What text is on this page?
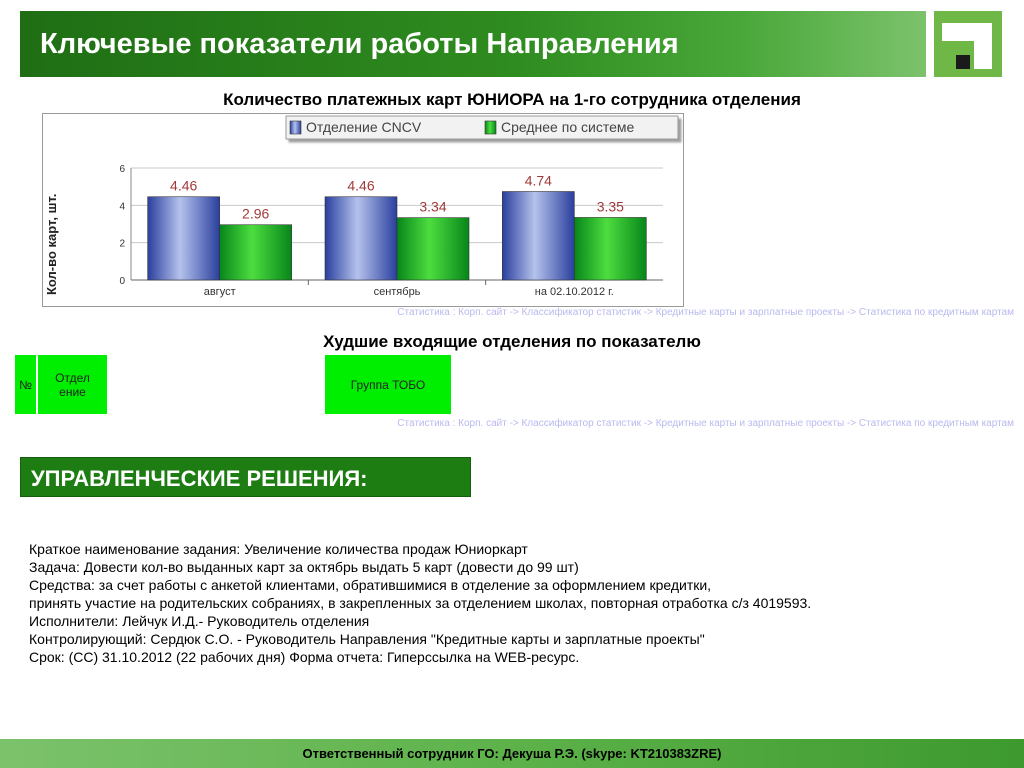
Ключевые показатели работы Направления
Количество платежных карт ЮНИОРА на 1-го сотрудника отделения
0
2
4
6
август	сентябрь	на 02.10.2012 г.
4.46
2.96
4.46
3.34
4.74
3.35
Отделение CNCV	Среднее по системе
Кол-во карт, шт.
Статистика : Корп. сайт -> Классификатор статистик -> Кредитные карты и зарплатные проекты -> Статистика по кредитным картам
Худшие входящие отделения по показателю
№	Отдел ение	Группа ТОБО
Статистика : Корп. сайт -> Классификатор статистик -> Кредитные карты и зарплатные проекты -> Статистика по кредитным картам
УПРАВЛЕНЧЕСКИЕ РЕШЕНИЯ:
Краткое наименование задания: Увеличение количества продаж Юниоркарт
Задача: Довести кол-во выданных карт за октябрь выдать 5 карт (довести до 99 шт)
Средства: за счет работы с анкетой клиентами, обратившимися в отделение за оформлением кредитки,
принять участие на родительских собраниях, в закрепленных за отделением школах, повторная отработка с/з 4019593.
Исполнители: Лейчук И.Д.- Руководитель отделения
Контролирующий: Сердюк С.О. - Руководитель Направления "Кредитные карты и зарплатные проекты"
Срок: (СС) 31.10.2012 (22 рабочих дня) Форма отчета: Гиперссылка на WEB-ресурс.
Ответственный сотрудник ГО: Декуша Р.Э. (skype: KT210383ZRE)
